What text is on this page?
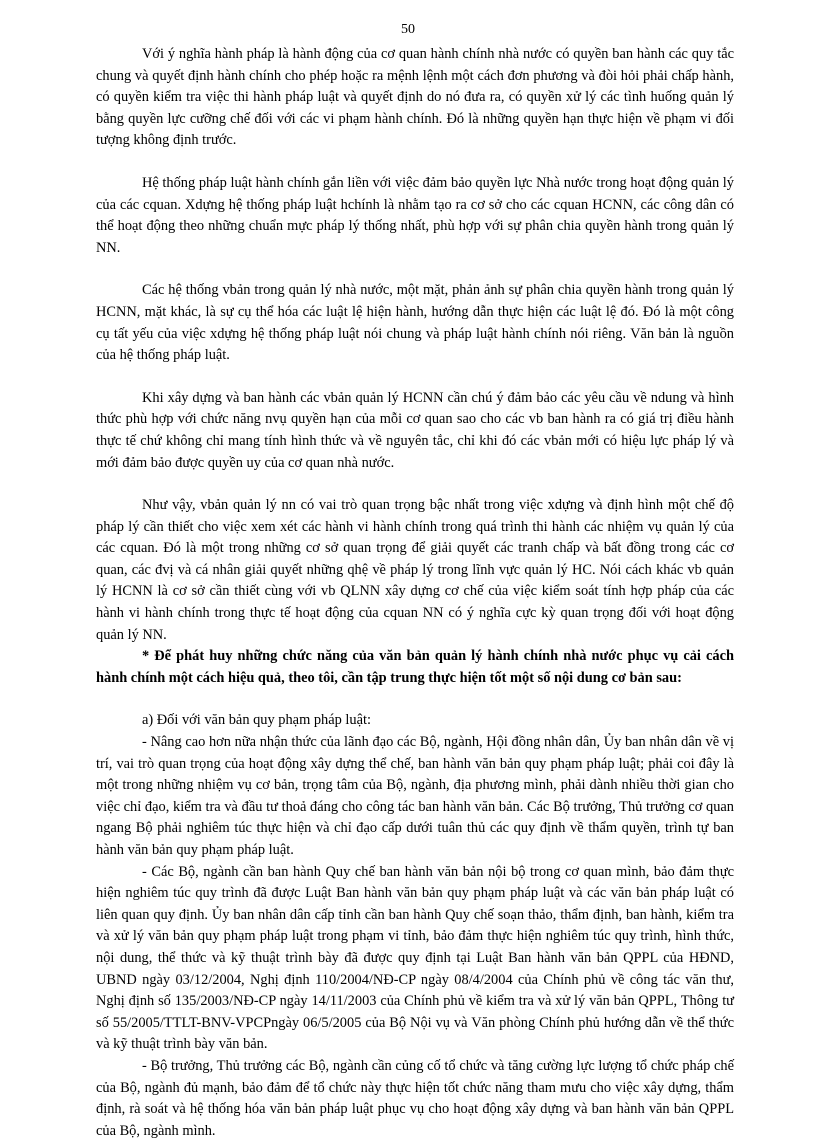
50

Với ý nghĩa hành pháp là hành động của cơ quan hành chính nhà nước có quyền ban hành các quy tắc chung và quyết định hành chính cho phép hoặc ra mệnh lệnh một cách đơn phương và đòi hỏi phải chấp hành, có quyền kiểm tra việc thi hành pháp luật và quyết định do nó đưa ra, có quyền xử lý các tình huống quản lý bằng quyền lực cưỡng chế đối với các vi phạm hành chính. Đó là những quyền hạn thực hiện về phạm vi đối tượng không định trước.

Hệ thống pháp luật hành chính gắn liền với việc đảm bảo quyền lực Nhà nước trong hoạt động quản lý của các cquan. Xdựng hệ thống pháp luật hchính là nhằm tạo ra cơ sở cho các cquan HCNN, các công dân có thể hoạt động theo những chuẩn mực pháp lý thống nhất, phù hợp với sự phân chia quyền hành trong quản lý NN.

Các hệ thống vbản trong quản lý nhà nước, một mặt, phản ảnh sự phân chia quyền hành trong quản lý HCNN, mặt khác, là sự cụ thể hóa các luật lệ hiện hành, hướng dẫn thực hiện các luật lệ đó. Đó là một công cụ tất yếu của việc xdựng hệ thống pháp luật nói chung và pháp luật hành chính nói riêng. Văn bản là nguồn của hệ thống pháp luật.

Khi xây dựng và ban hành các vbản quản lý HCNN cần chú ý đảm bảo các yêu cầu về ndung và hình thức phù hợp với chức năng nvụ quyền hạn của mỗi cơ quan sao cho các vb ban hành ra có giá trị điều hành thực tế chứ không chỉ mang tính hình thức và về nguyên tắc, chỉ khi đó các vbản mới có hiệu lực pháp lý và mới đảm bảo được quyền uy của cơ quan nhà nước.

Như vậy, vbản quản lý nn có vai trò quan trọng bậc nhất trong việc xdựng và định hình một chế độ pháp lý cần thiết cho việc xem xét các hành vi hành chính trong quá trình thi hành các nhiệm vụ quản lý của các cquan. Đó là một trong những cơ sở quan trọng để giải quyết các tranh chấp và bất đồng trong các cơ quan, các đvị và cá nhân giải quyết những qhệ về pháp lý trong lĩnh vực quản lý HC. Nói cách khác vb quản lý HCNN là cơ sở cần thiết cùng với vb QLNN xây dựng cơ chế của việc kiểm soát tính hợp pháp của các hành vi hành chính trong thực tế hoạt động của cquan NN có ý nghĩa cực kỳ quan trọng đối với hoạt động quản lý NN.

* Để phát huy những chức năng của văn bản quản lý hành chính nhà nước phục vụ cải cách hành chính một cách hiệu quả, theo tôi, cần tập trung thực hiện tốt một số nội dung cơ bản sau:

a) Đối với văn bản quy phạm pháp luật:

- Nâng cao hơn nữa nhận thức của lãnh đạo các Bộ, ngành, Hội đồng nhân dân, Ủy ban nhân dân về vị trí, vai trò quan trọng của hoạt động xây dựng thể chế, ban hành văn bản quy phạm pháp luật; phải coi đây là một trong những nhiệm vụ cơ bản, trọng tâm của Bộ, ngành, địa phương mình, phải dành nhiều thời gian cho việc chỉ đạo, kiểm tra và đầu tư thoả đáng cho công tác ban hành văn bản. Các Bộ trưởng, Thủ trưởng cơ quan ngang Bộ phải nghiêm túc thực hiện và chỉ đạo cấp dưới tuân thủ các quy định về thẩm quyền, trình tự ban hành văn bản quy phạm pháp luật.

- Các Bộ, ngành cần ban hành Quy chế ban hành văn bản nội bộ trong cơ quan mình, bảo đảm thực hiện nghiêm túc quy trình đã được Luật Ban hành văn bản quy phạm pháp luật và các văn bản pháp luật có liên quan quy định. Ủy ban nhân dân cấp tỉnh cần ban hành Quy chế soạn thảo, thẩm định, ban hành, kiểm tra và xử lý văn bản quy phạm pháp luật trong phạm vi tỉnh, bảo đảm thực hiện nghiêm túc quy trình, hình thức, nội dung, thể thức và kỹ thuật trình bày đã được quy định tại Luật Ban hành văn bản QPPL của HĐND, UBND ngày 03/12/2004, Nghị định 110/2004/NĐ-CP ngày 08/4/2004 của Chính phủ về công tác văn thư, Nghị định số 135/2003/NĐ-CP ngày 14/11/2003 của Chính phủ về kiểm tra và xử lý văn bản QPPL, Thông tư số 55/2005/TTLT-BNV-VPCPngày 06/5/2005 của Bộ Nội vụ và Văn phòng Chính phủ hướng dẫn về thể thức và kỹ thuật trình bày văn bản.

- Bộ trưởng, Thủ trưởng các Bộ, ngành cần củng cố tổ chức và tăng cường lực lượng tổ chức pháp chế của Bộ, ngành đủ mạnh, bảo đảm để tổ chức này thực hiện tốt chức năng tham mưu cho việc xây dựng, thẩm định, rà soát và hệ thống hóa văn bản pháp luật phục vụ cho hoạt động xây dựng và ban hành văn bản QPPL của Bộ, ngành mình.
